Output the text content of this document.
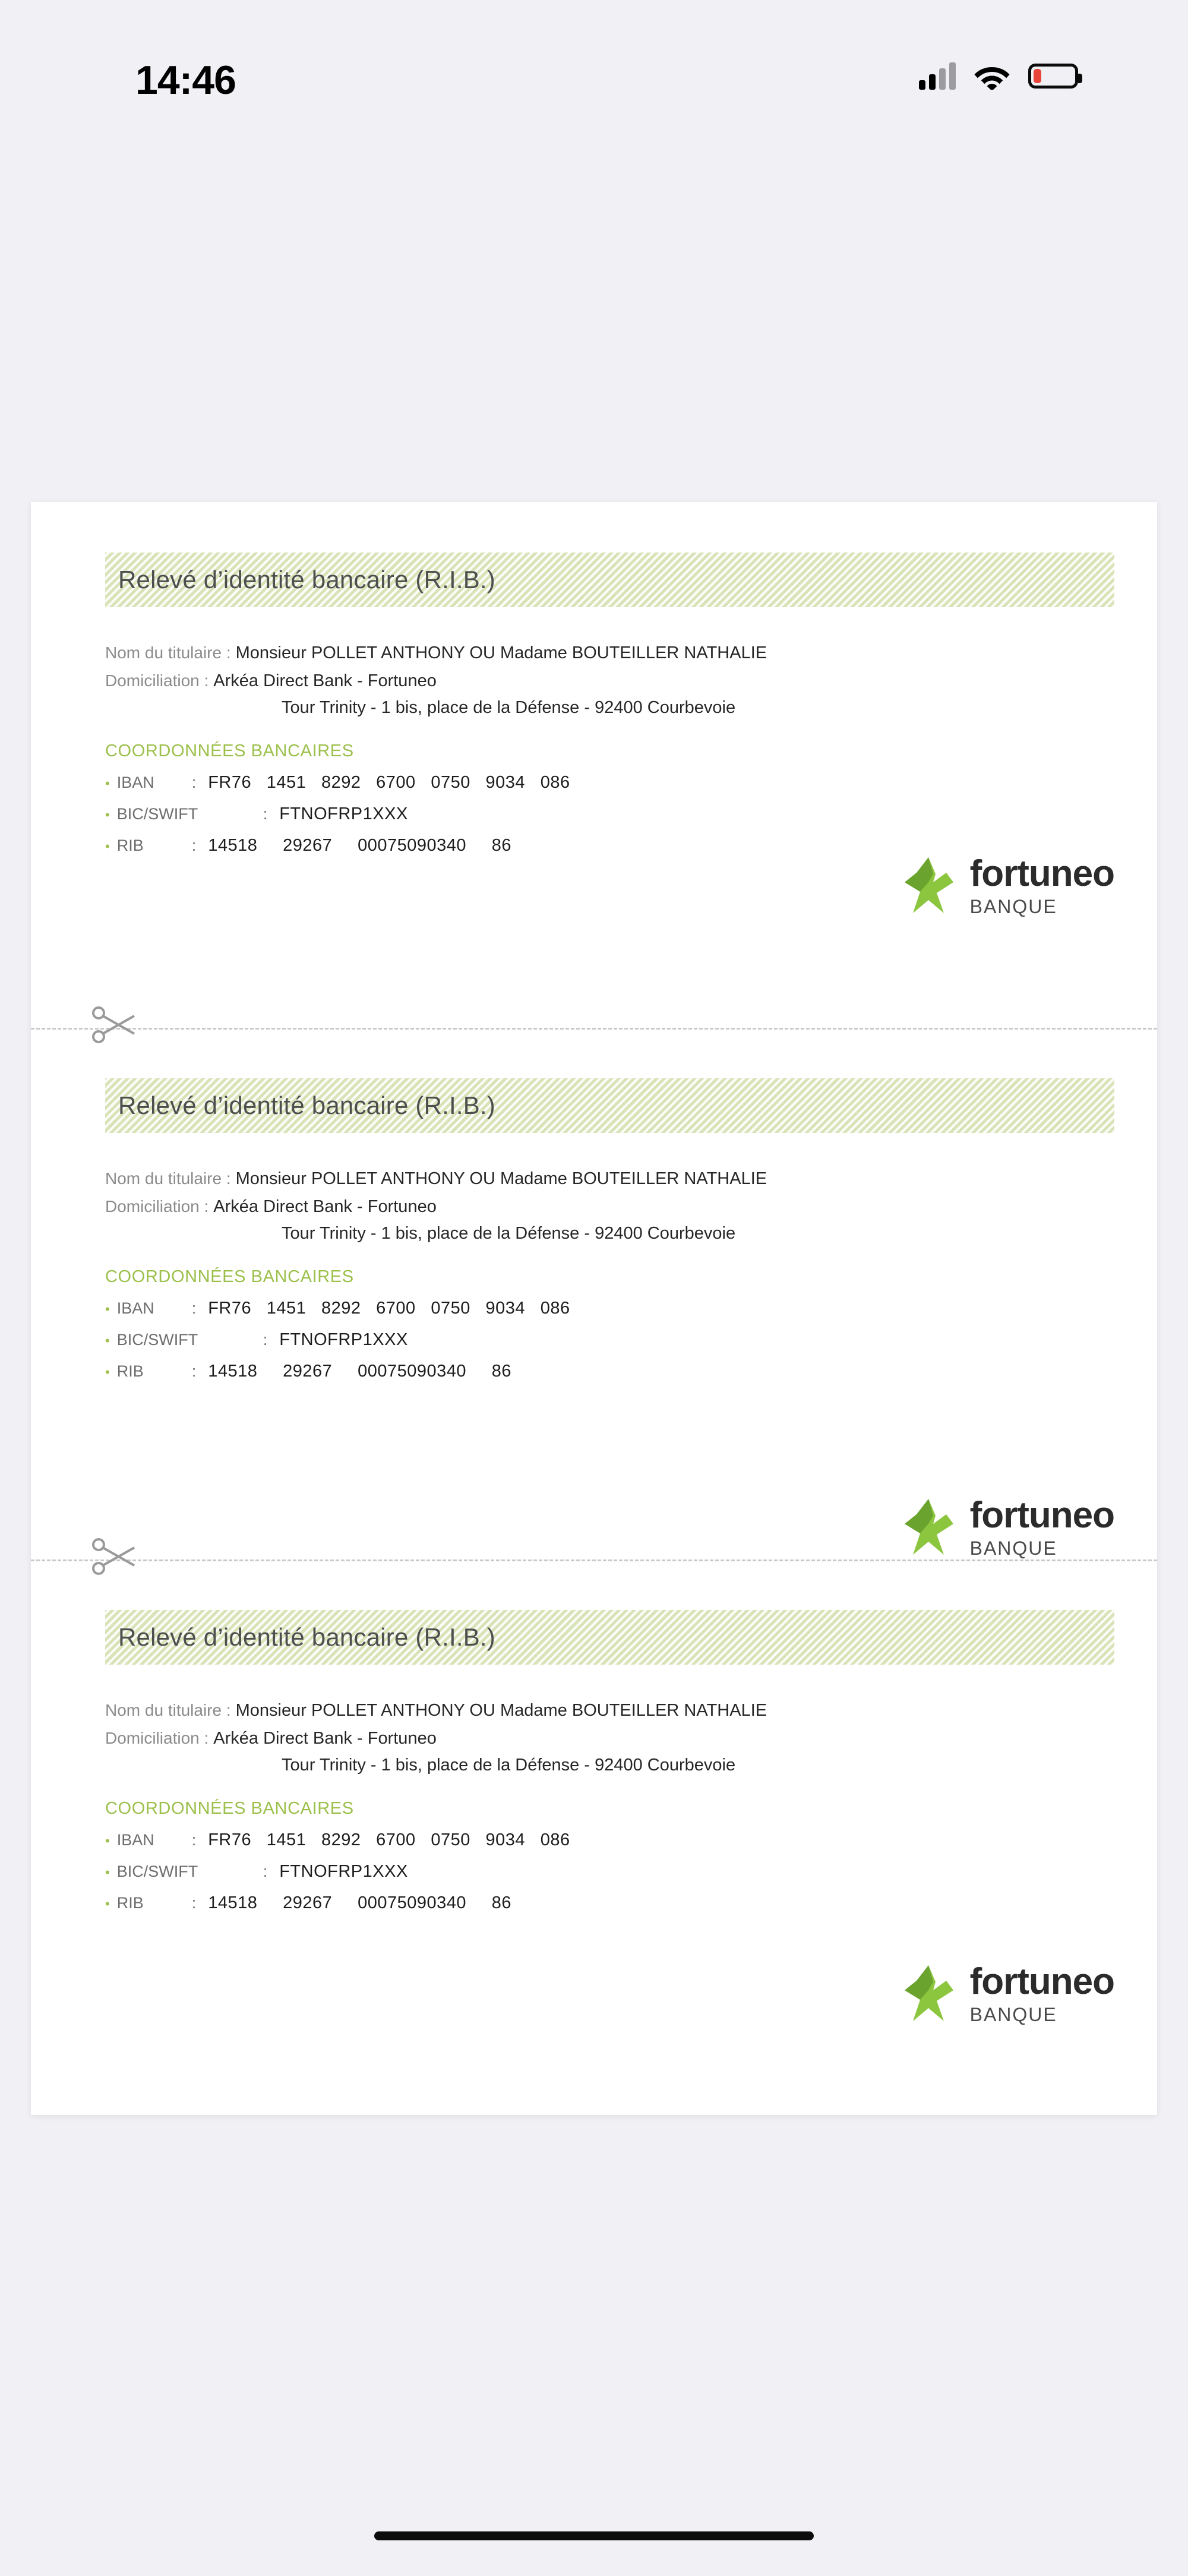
14:46
Relevé d’identité bancaire (R.I.B.)
Nom du titulaire : Monsieur POLLET ANTHONY OU Madame BOUTEILLER NATHALIE
Domiciliation : Arkéa Direct Bank - Fortuneo
Tour Trinity - 1 bis, place de la Défense - 92400 Courbevoie
COORDONNÉES BANCAIRES
• IBAN	: FR76   1451   8292   6700   0750   9034   086
• BIC/SWIFT	: FTNOFRP1XXX
• RIB	: 14518     29267     00075090340     86
fortuneo
BANQUE
Relevé d’identité bancaire (R.I.B.)
Nom du titulaire : Monsieur POLLET ANTHONY OU Madame BOUTEILLER NATHALIE
Domiciliation : Arkéa Direct Bank - Fortuneo
Tour Trinity - 1 bis, place de la Défense - 92400 Courbevoie
COORDONNÉES BANCAIRES
• IBAN	: FR76   1451   8292   6700   0750   9034   086
• BIC/SWIFT	: FTNOFRP1XXX
• RIB	: 14518     29267     00075090340     86
fortuneo
BANQUE
Relevé d’identité bancaire (R.I.B.)
Nom du titulaire : Monsieur POLLET ANTHONY OU Madame BOUTEILLER NATHALIE
Domiciliation : Arkéa Direct Bank - Fortuneo
Tour Trinity - 1 bis, place de la Défense - 92400 Courbevoie
COORDONNÉES BANCAIRES
• IBAN	: FR76   1451   8292   6700   0750   9034   086
• BIC/SWIFT	: FTNOFRP1XXX
• RIB	: 14518     29267     00075090340     86
fortuneo
BANQUE
